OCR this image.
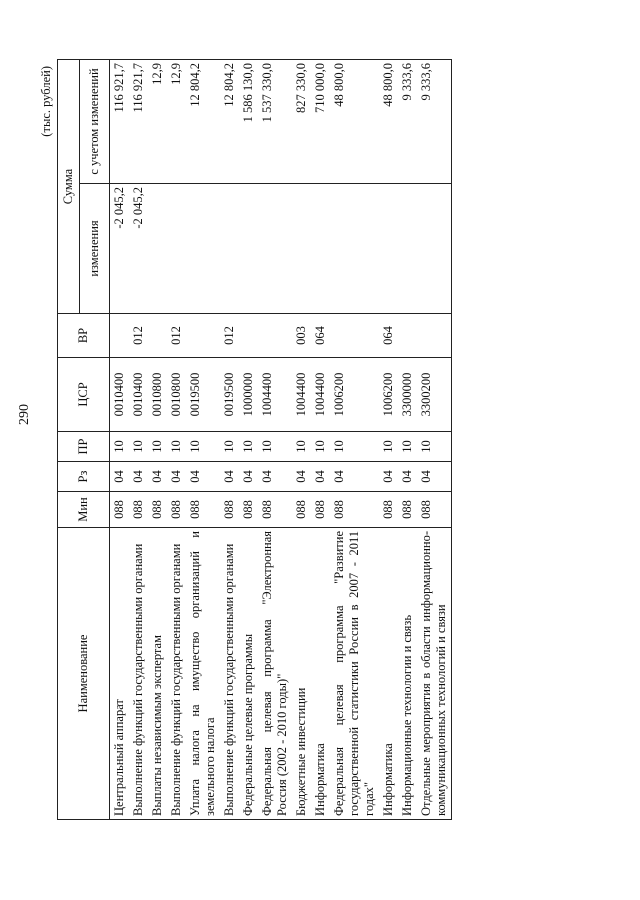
290
(тыс. рублей)
Наименование	Мин	Рз	ПР	ЦСР	ВР	Сумма	
						изменения	с учетом изменений
Центральный аппарат	088	04	10	0010400		-2 045,2	116 921,7
Выполнение функций государственными органами	088	04	10	0010400	012	-2 045,2	116 921,7
Выплаты независимым экспертам	088	04	10	0010800			12,9
Выполнение функций государственными органами	088	04	10	0010800	012		12,9
Уплата налога на имущество организаций и земельного налога	088	04	10	0019500			12 804,2
Выполнение функций государственными органами	088	04	10	0019500	012		12 804,2
Федеральные целевые программы	088	04	10	1000000			1 586 130,0
Федеральная целевая программа "Электронная Россия (2002 - 2010 годы)"	088	04	10	1004400			1 537 330,0
Бюджетные инвестиции	088	04	10	1004400	003		827 330,0
Информатика	088	04	10	1004400	064		710 000,0
Федеральная целевая программа "Развитие государственной статистики России в 2007 - 2011 годах"	088	04	10	1006200			48 800,0
Информатика	088	04	10	1006200	064		48 800,0
Информационные технологии и связь	088	04	10	3300000			9 333,6
Отдельные мероприятия в области информационно-коммуникационных технологий и связи	088	04	10	3300200			9 333,6
